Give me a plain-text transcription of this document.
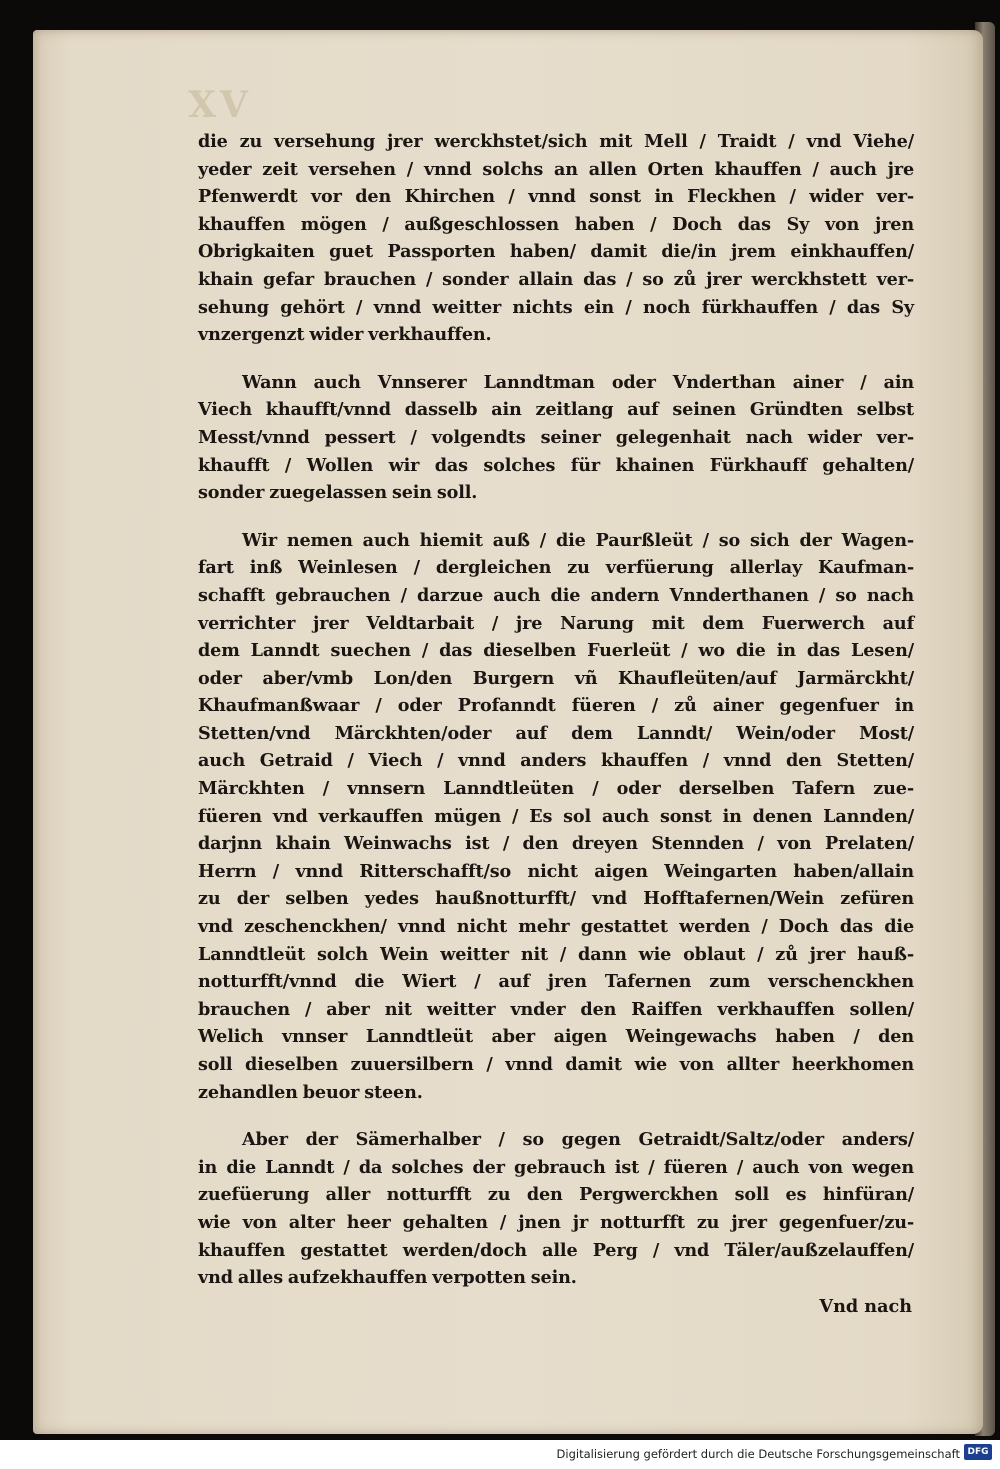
XV
die zu versehung jrer werckhstet/sich mit Mell / Traidt / vnd Viehe/
yeder zeit versehen / vnnd solchs an allen Orten khauffen / auch jre
Pfenwerdt vor den Khirchen / vnnd sonst in Fleckhen / wider ver-
khauffen mögen / außgeschlossen haben / Doch das Sy von jren
Obrigkaiten guet Passporten haben/ damit die/in jrem einkhauffen/
khain gefar brauchen / sonder allain das / so zů jrer werckhstett ver-
sehung gehört / vnnd weitter nichts ein / noch fürkhauffen / das Sy
vnzergenzt wider verkhauffen.
Wann auch Vnnserer Lanndtman oder Vnderthan ainer / ain
Viech khaufft/vnnd dasselb ain zeitlang auf seinen Gründten selbst
Messt/vnnd pessert / volgendts seiner gelegenhait nach wider ver-
khaufft / Wollen wir das solches für khainen Fürkhauff gehalten/
sonder zuegelassen sein soll.
Wir nemen auch hiemit auß / die Paurßleüt / so sich der Wagen-
fart inß Weinlesen / dergleichen zu verfüerung allerlay Kaufman-
schafft gebrauchen / darzue auch die andern Vnnderthanen / so nach
verrichter jrer Veldtarbait / jre Narung mit dem Fuerwerch auf
dem Lanndt suechen / das dieselben Fuerleüt / wo die in das Lesen/
oder aber/vmb Lon/den Burgern vñ Khaufleüten/auf Jarmärckht/
Khaufmanßwaar / oder Profanndt füeren / zů ainer gegenfuer in
Stetten/vnd Märckhten/oder auf dem Lanndt/ Wein/oder Most/
auch Getraid / Viech / vnnd anders khauffen / vnnd den Stetten/
Märckhten / vnnsern Lanndtleüten / oder derselben Tafern zue-
füeren vnd verkauffen mügen / Es sol auch sonst in denen Lannden/
darjnn khain Weinwachs ist / den dreyen Stennden / von Prelaten/
Herrn / vnnd Ritterschafft/so nicht aigen Weingarten haben/allain
zu der selben yedes haußnotturfft/ vnd Hofftafernen/Wein zefüren
vnd zeschenckhen/ vnnd nicht mehr gestattet werden / Doch das die
Lanndtleüt solch Wein weitter nit / dann wie oblaut / zů jrer hauß-
notturfft/vnnd die Wiert / auf jren Tafernen zum verschenckhen
brauchen / aber nit weitter vnder den Raiffen verkhauffen sollen/
Welich vnnser Lanndtleüt aber aigen Weingewachs haben / den
soll dieselben zuuersilbern / vnnd damit wie von allter heerkhomen
zehandlen beuor steen.
Aber der Sämerhalber / so gegen Getraidt/Saltz/oder anders/
in die Lanndt / da solches der gebrauch ist / füeren / auch von wegen
zuefüerung aller notturfft zu den Pergwerckhen soll es hinfüran/
wie von alter heer gehalten / jnen jr notturfft zu jrer gegenfuer/zu-
khauffen gestattet werden/doch alle Perg / vnd Täler/außzelauffen/
vnd alles aufzekhauffen verpotten sein.
Vnd nach
Digitalisierung gefördert durch die Deutsche Forschungsgemeinschaft DFG
